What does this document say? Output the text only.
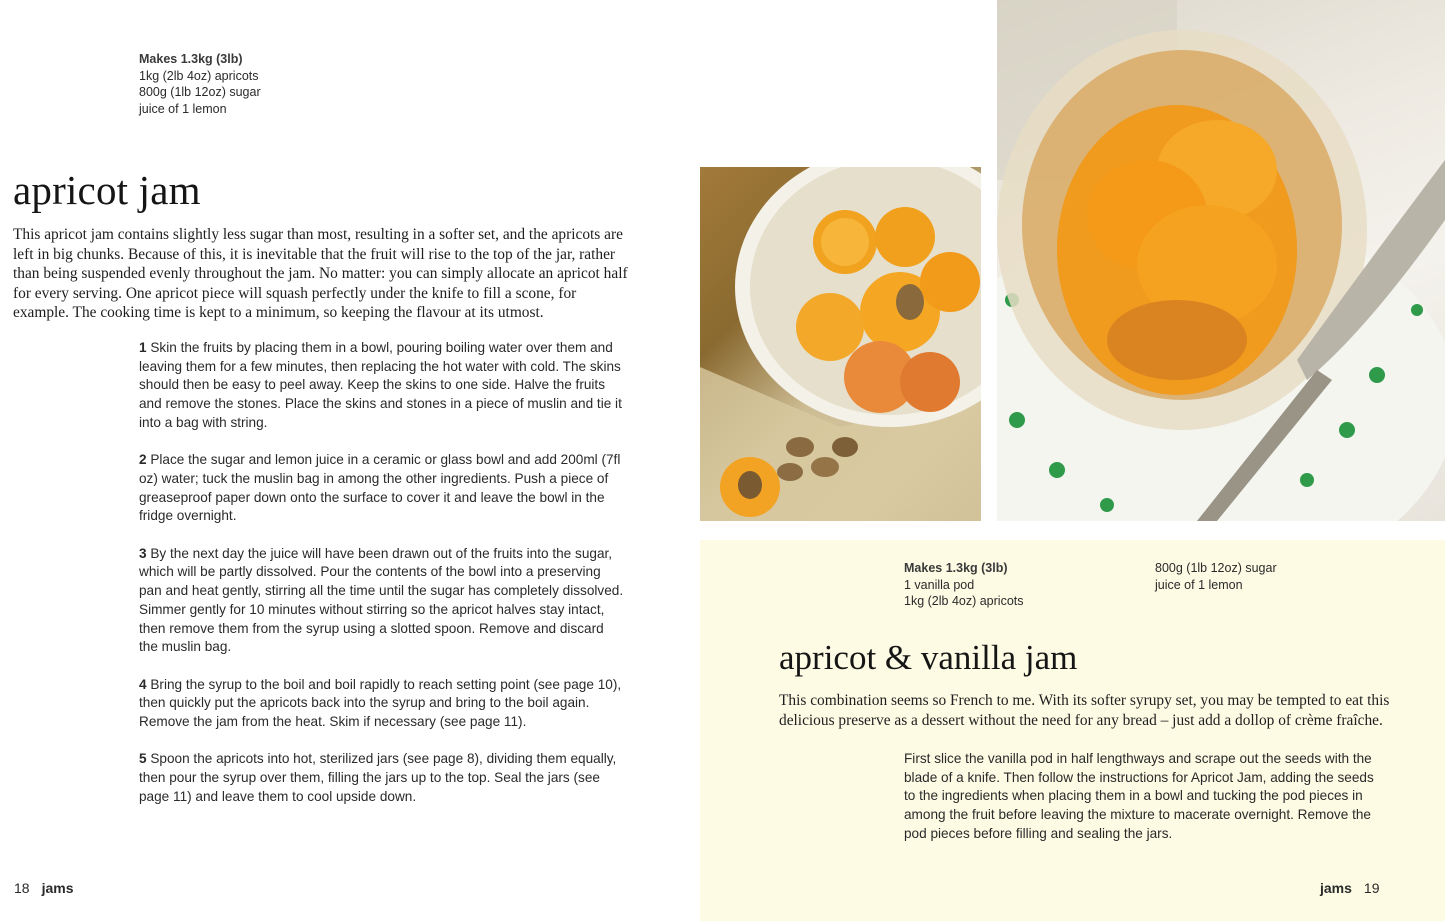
Makes 1.3kg (3lb)
1kg (2lb 4oz) apricots
800g (1lb 12oz) sugar
juice of 1 lemon
apricot jam

This apricot jam contains slightly less sugar than most, resulting in a softer set, and the apricots are left in big chunks. Because of this, it is inevitable that the fruit will rise to the top of the jar, rather than being suspended evenly throughout the jam. No matter: you can simply allocate an apricot half for every serving. One apricot piece will squash perfectly under the knife to fill a scone, for example. The cooking time is kept to a minimum, so keeping the flavour at its utmost.

1 Skin the fruits by placing them in a bowl, pouring boiling water over them and leaving them for a few minutes, then replacing the hot water with cold. The skins should then be easy to peel away. Keep the skins to one side. Halve the fruits and remove the stones. Place the skins and stones in a piece of muslin and tie it into a bag with string.

2 Place the sugar and lemon juice in a ceramic or glass bowl and add 200ml (7fl oz) water; tuck the muslin bag in among the other ingredients. Push a piece of greaseproof paper down onto the surface to cover it and leave the bowl in the fridge overnight.

3 By the next day the juice will have been drawn out of the fruits into the sugar, which will be partly dissolved. Pour the contents of the bowl into a preserving pan and heat gently, stirring all the time until the sugar has completely dissolved. Simmer gently for 10 minutes without stirring so the apricot halves stay intact, then remove them from the syrup using a slotted spoon. Remove and discard the muslin bag.

4 Bring the syrup to the boil and boil rapidly to reach setting point (see page 10), then quickly put the apricots back into the syrup and bring to the boil again. Remove the jam from the heat. Skim if necessary (see page 11).

5 Spoon the apricots into hot, sterilized jars (see page 8), dividing them equally, then pour the syrup over them, filling the jars up to the top. Seal the jars (see page 11) and leave them to cool upside down.

18 jams
Makes 1.3kg (3lb)
1 vanilla pod
1kg (2lb 4oz) apricots
800g (1lb 12oz) sugar
juice of 1 lemon
apricot & vanilla jam

This combination seems so French to me. With its softer syrupy set, you may be tempted to eat this delicious preserve as a dessert without the need for any bread – just add a dollop of crème fraîche.

First slice the vanilla pod in half lengthways and scrape out the seeds with the blade of a knife. Then follow the instructions for Apricot Jam, adding the seeds to the ingredients when placing them in a bowl and tucking the pod pieces in among the fruit before leaving the mixture to macerate overnight. Remove the pod pieces before filling and sealing the jars.

jams 19
